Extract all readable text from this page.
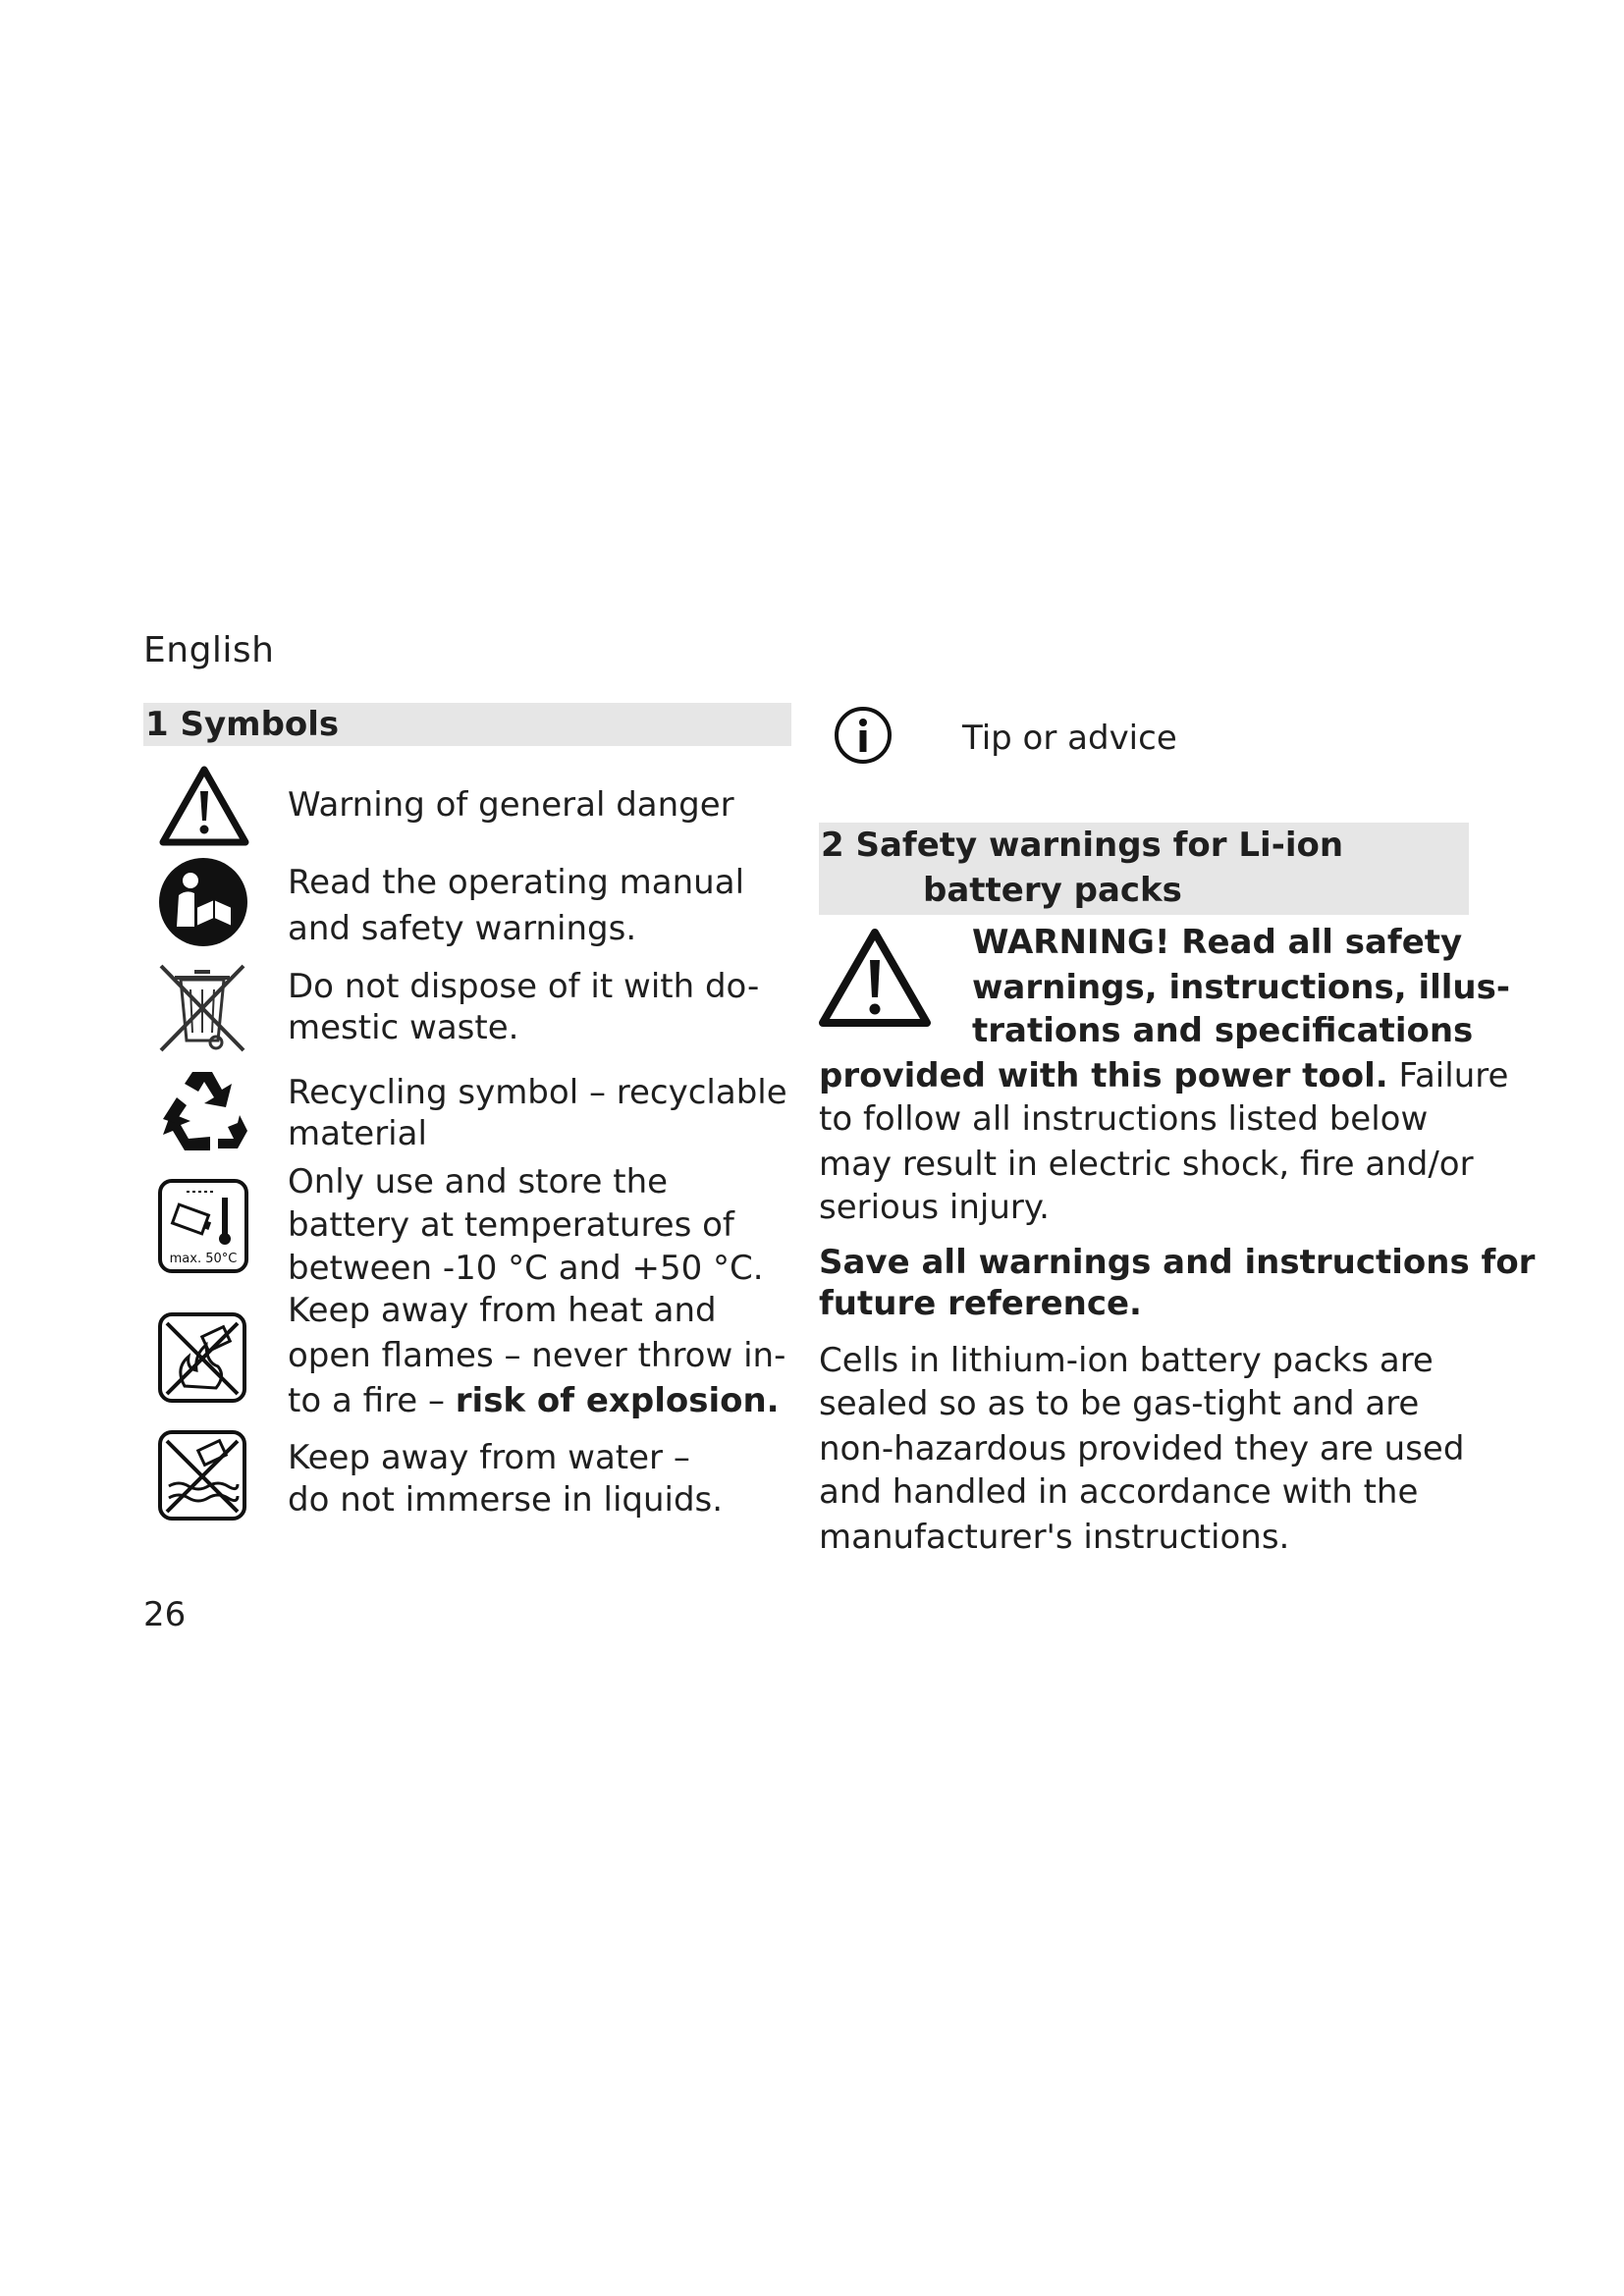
English
1 Symbols
Warning of general danger
Read the operating manual and safety warnings.
Do not dispose of it with do-mestic waste.
Recycling symbol – recyclable material
max. 50°C
Only use and store the battery at temperatures of between -10 °C and +50 °C.
Keep away from heat and open flames – never throw in-to a fire – risk of explosion.
Keep away from water – do not immerse in liquids.
Tip or advice
2 Safety warnings for Li-ion
battery packs
WARNING! Read all safety
warnings, instructions, illus-
trations and specifications
provided with this power tool. Failure
to follow all instructions listed below
may result in electric shock, fire and/or
serious injury.
Save all warnings and instructions for
future reference.
Cells in lithium-ion battery packs are
sealed so as to be gas-tight and are
non-hazardous provided they are used
and handled in accordance with the
manufacturer's instructions.
26
